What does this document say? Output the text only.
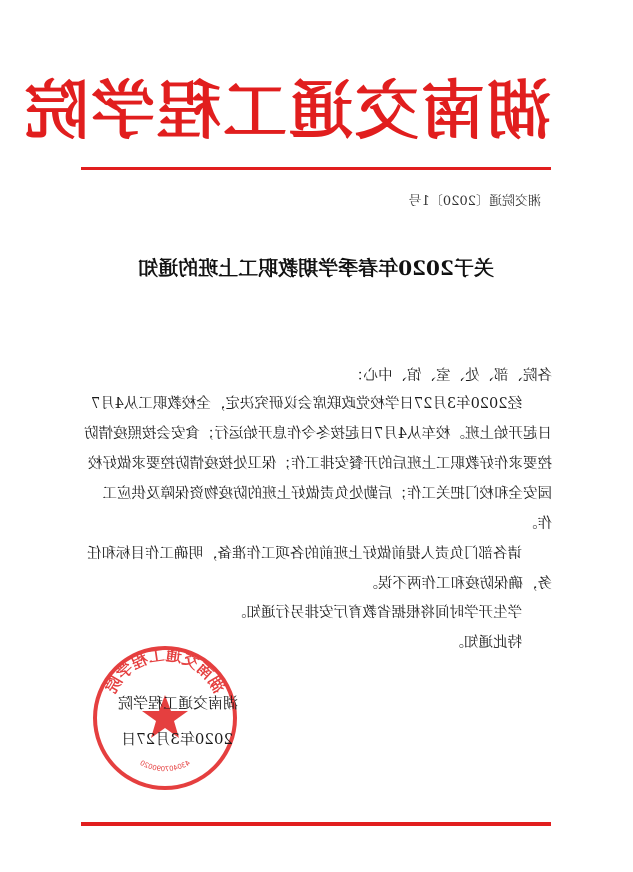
湖南交通工程学院
湘交院通〔2020〕1号
关于2020年春季学期教职工上班的通知
各院、部、处、室、馆、中心：
经2020年3月27日学校党政联席会议研究决定，全校教职工从4月7日起开始上班。校车从4月7日起按冬令作息开始运行；食安会按照疫情防控要求作好教职工上班后的开餐安排工作；保卫处按疫情防控要求做好校园安全和校门把关工作；后勤处负责做好上班的防疫物资保障及供应工作。
请各部门负责人提前做好上班前的各项工作准备，明确工作目标和任务，确保防疫和工作两不误。
学生开学时间将根据省教育厅安排另行通知。
特此通知。
湖南交通工程学院
430407090020
湖南交通工程学院
2020年3月27日
